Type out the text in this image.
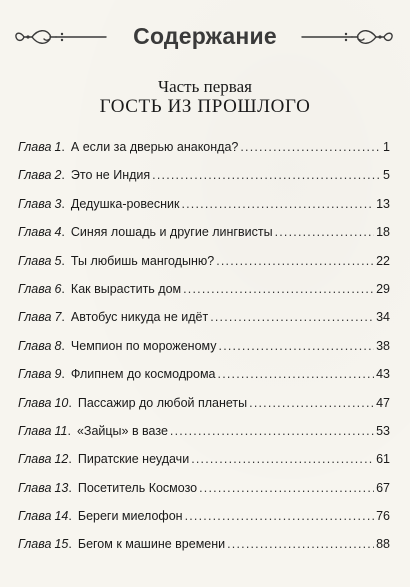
Содержание
Часть первая
ГОСТЬ ИЗ ПРОШЛОГО
Глава 1 . А если за дверью анаконда? .....	1
Глава 2 . Это не Индия .....	5
Глава 3 . Дедушка-ровесник .....	13
Глава 4 . Синяя лошадь и другие лингвисты .....	18
Глава 5 . Ты любишь мангодыню? .....	22
Глава 6 . Как вырастить дом .....	29
Глава 7 . Автобус никуда не идёт .....	34
Глава 8 . Чемпион по мороженому .....	38
Глава 9 . Флипнем до космодрома .....	43
Глава 10 . Пассажир до любой планеты .....	47
Глава 11 . «Зайцы» в вазе .....	53
Глава 12 . Пиратские неудачи .....	61
Глава 13 . Посетитель Космозо .....	67
Глава 14 . Береги миелофон .....	76
Глава 15 . Бегом к машине времени .....	88
